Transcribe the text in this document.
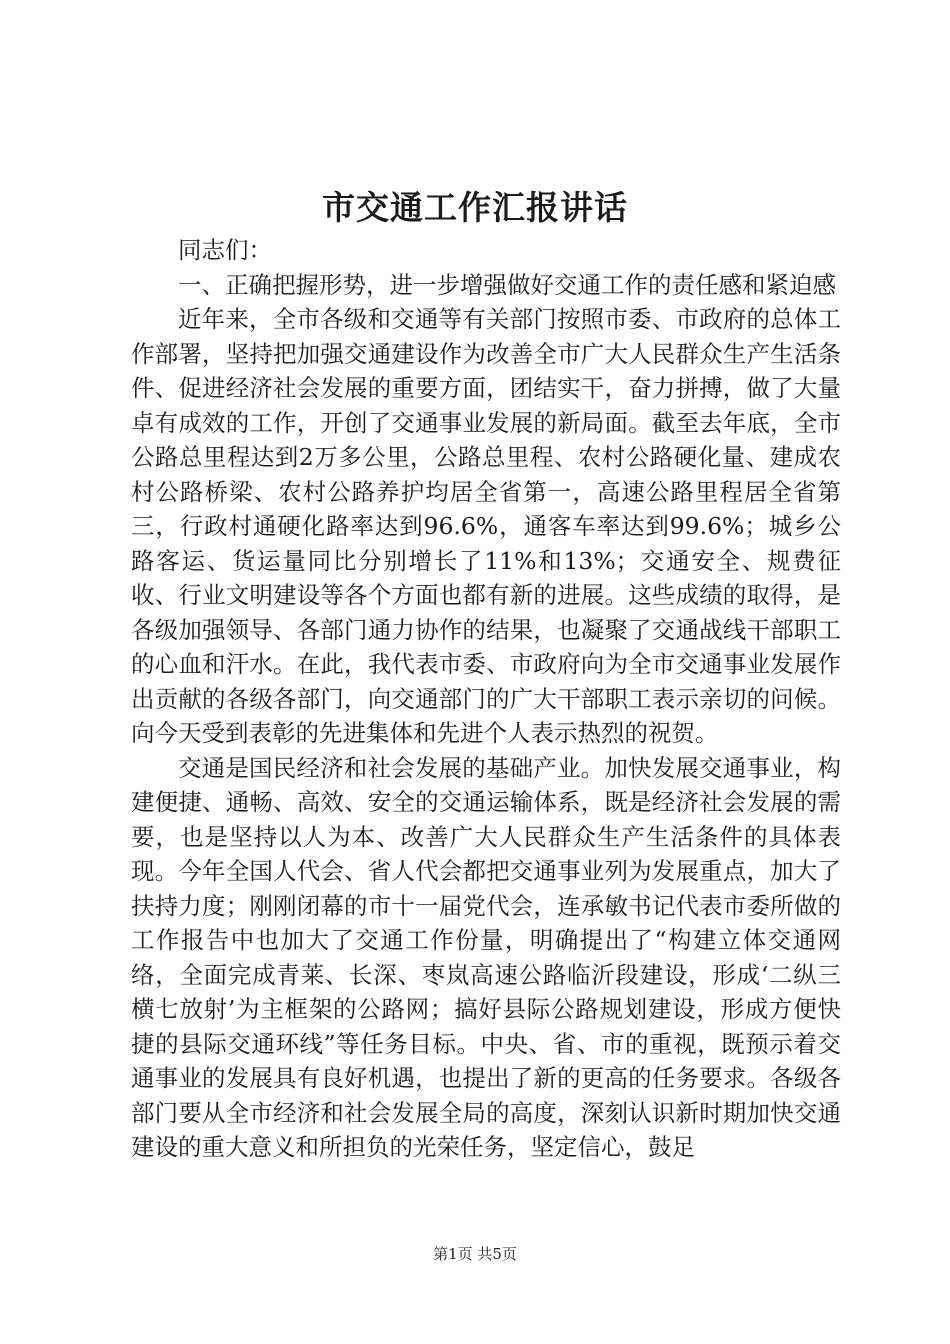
市交通工作汇报讲话

同志们：

一、正确把握形势，进一步增强做好交通工作的责任感和紧迫感

近年来，全市各级和交通等有关部门按照市委、市政府的总体工作部署，坚持把加强交通建设作为改善全市广大人民群众生产生活条件、促进经济社会发展的重要方面，团结实干，奋力拼搏，做了大量卓有成效的工作，开创了交通事业发展的新局面。截至去年底，全市公路总里程达到2万多公里，公路总里程、农村公路硬化量、建成农村公路桥梁、农村公路养护均居全省第一，高速公路里程居全省第三，行政村通硬化路率达到96.6%，通客车率达到99.6%；城乡公路客运、货运量同比分别增长了11%和13%；交通安全、规费征收、行业文明建设等各个方面也都有新的进展。这些成绩的取得，是各级加强领导、各部门通力协作的结果，也凝聚了交通战线干部职工的心血和汗水。在此，我代表市委、市政府向为全市交通事业发展作出贡献的各级各部门，向交通部门的广大干部职工表示亲切的问候。向今天受到表彰的先进集体和先进个人表示热烈的祝贺。

交通是国民经济和社会发展的基础产业。加快发展交通事业，构建便捷、通畅、高效、安全的交通运输体系，既是经济社会发展的需要，也是坚持以人为本、改善广大人民群众生产生活条件的具体表现。今年全国人代会、省人代会都把交通事业列为发展重点，加大了扶持力度；刚刚闭幕的市十一届党代会，连承敏书记代表市委所做的工作报告中也加大了交通工作份量，明确提出了“构建立体交通网络，全面完成青莱、长深、枣岚高速公路临沂段建设，形成‘二纵三横七放射’为主框架的公路网；搞好县际公路规划建设，形成方便快捷的县际交通环线”等任务目标。中央、省、市的重视，既预示着交通事业的发展具有良好机遇，也提出了新的更高的任务要求。各级各部门要从全市经济和社会发展全局的高度，深刻认识新时期加快交通建设的重大意义和所担负的光荣任务，坚定信心，鼓足

第1页 共5页
